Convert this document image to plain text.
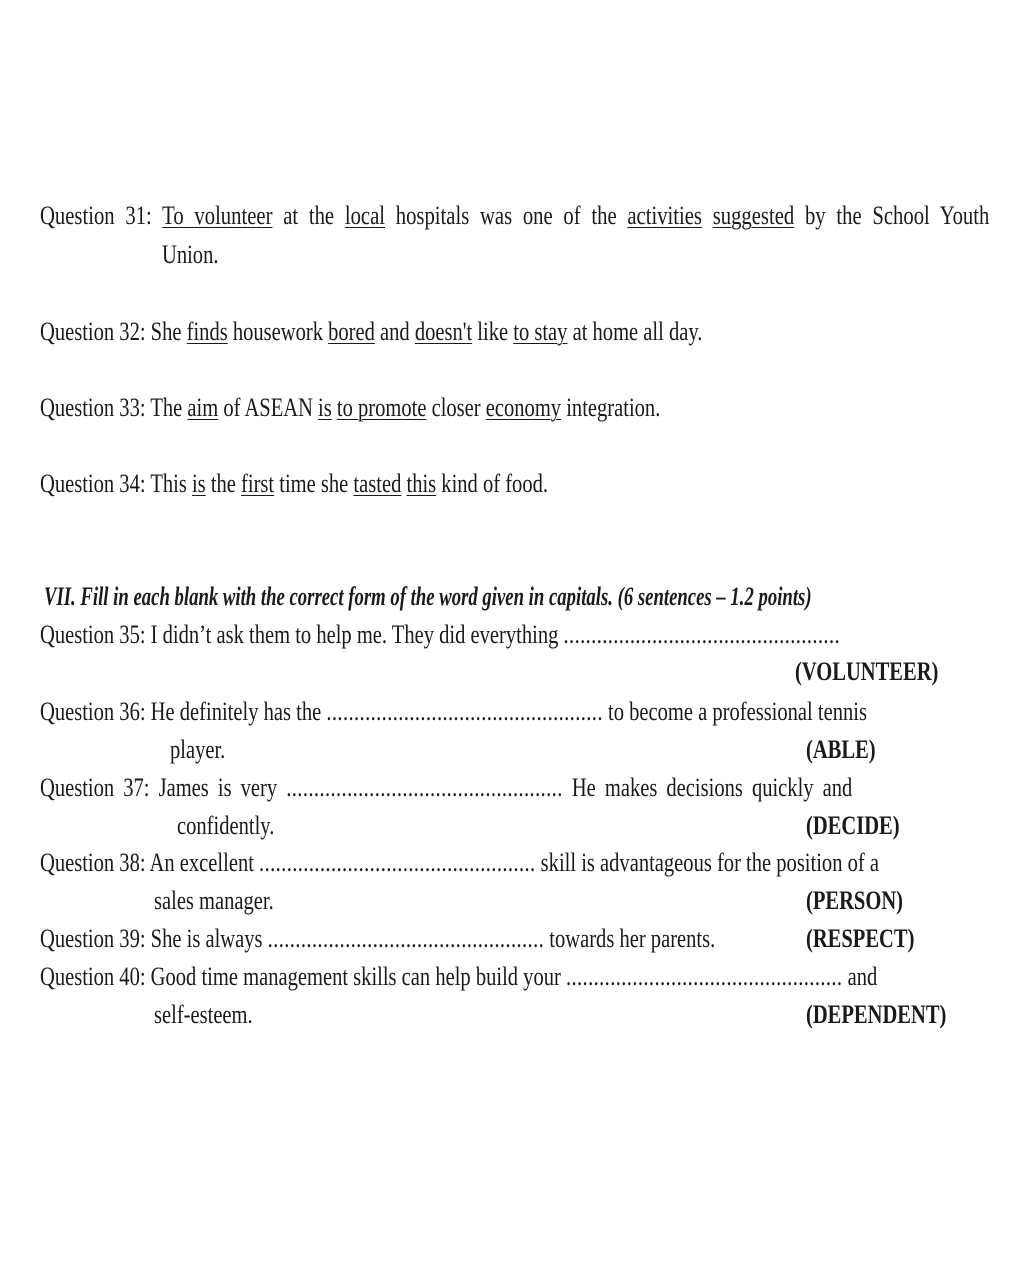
Question 31: To volunteer at the local hospitals was one of the activities suggested by the School Youth
Union.
Question 32: She finds housework bored and doesn't like to stay at home all day.
Question 33: The aim of ASEAN is to promote closer economy integration.
Question 34: This is the first time she tasted this kind of food.
VII. Fill in each blank with the correct form of the word given in capitals. (6 sentences – 1.2 points)
Question 35: I didn’t ask them to help me. They did everything ..................................................
(VOLUNTEER)
Question 36: He definitely has the .................................................. to become a professional tennis
player.	(ABLE)
Question 37: James is very .................................................. He makes decisions quickly and
confidently.	(DECIDE)
Question 38: An excellent .................................................. skill is advantageous for the position of a
sales manager.	(PERSON)
Question 39: She is always .................................................. towards her parents.	(RESPECT)
Question 40: Good time management skills can help build your .................................................. and
self-esteem.	(DEPENDENT)
